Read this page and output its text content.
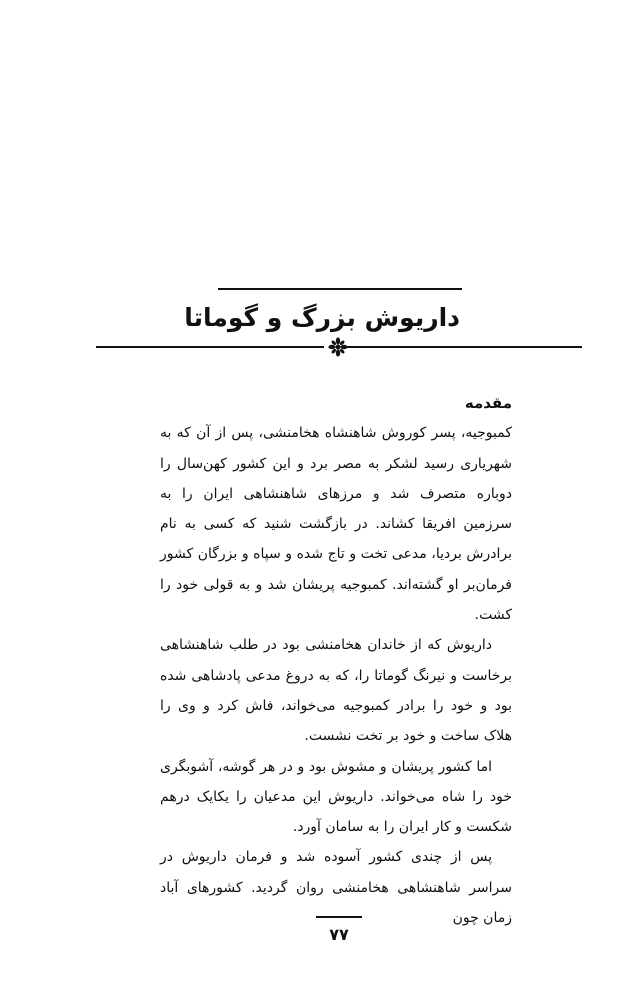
داریوش بزرگ و گوماتا
مقدمه

کمبوجیه، پسر کوروش شاهنشاه هخامنشی، پس از آن که به شهریاری رسید لشکر به مصر برد و این کشور کهن‌سال را دوباره متصرف شد و مرزهای شاهنشاهی ایران را به سرزمین افریقا کشاند. در بازگشت شنید که کسی به نام برادرش بردیا، مدعی تخت و تاج شده و سپاه و بزرگان کشور فرمان‌بر او گشته‌اند. کمبوجیه پریشان شد و به قولی خود را کشت.

داریوش که از خاندان هخامنشی بود در طلب شاهنشاهی برخاست و نیرنگ گوماتا را، که به دروغ مدعی پادشاهی شده بود و خود را برادر کمبوجیه می‌خواند، فاش کرد و وی را هلاک ساخت و خود بر تخت نشست.

اما کشور پریشان و مشوش بود و در هر گوشه، آشوبگری خود را شاه می‌خواند. داریوش این مدعیان را یکایک درهم شکست و کار ایران را به سامان آورد.

پس از چندی کشور آسوده شد و فرمان داریوش در سراسر شاهنشاهی هخامنشی روان گردید. کشورهای آباد زمان چون

۷۷
